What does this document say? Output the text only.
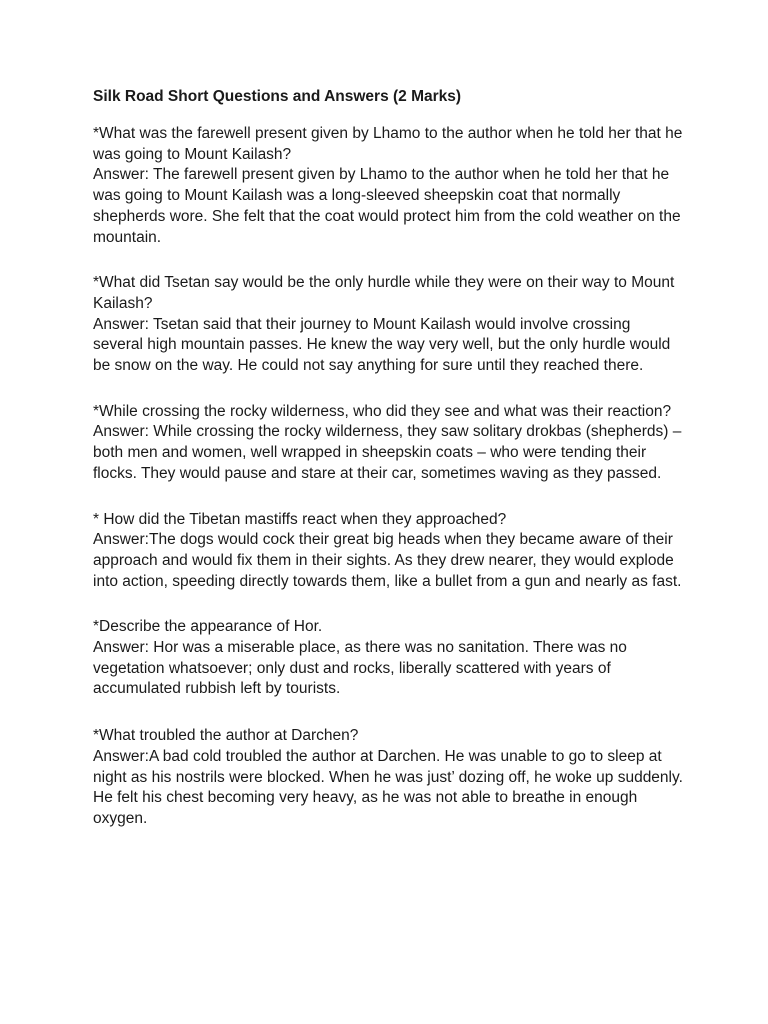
Silk Road Short Questions and Answers (2 Marks)

*What was the farewell present given by Lhamo to the author when he told her that he was going to Mount Kailash?

Answer: The farewell present given by Lhamo to the author when he told her that he was going to Mount Kailash was a long-sleeved sheepskin coat that normally shepherds wore. She felt that the coat would protect him from the cold weather on the mountain.

*What did Tsetan say would be the only hurdle while they were on their way to Mount Kailash?

Answer: Tsetan said that their journey to Mount Kailash would involve crossing several high mountain passes. He knew the way very well, but the only hurdle would be snow on the way. He could not say anything for sure until they reached there.

*While crossing the rocky wilderness, who did they see and what was their reaction?

Answer: While crossing the rocky wilderness, they saw solitary drokbas (shepherds) – both men and women, well wrapped in sheepskin coats – who were tending their flocks. They would pause and stare at their car, sometimes waving as they passed.

* How did the Tibetan mastiffs react when they approached?

Answer:The dogs would cock their great big heads when they became aware of their approach and would fix them in their sights. As they drew nearer, they would explode into action, speeding directly towards them, like a bullet from a gun and nearly as fast.

*Describe the appearance of Hor.

Answer: Hor was a miserable place, as there was no sanitation. There was no vegetation whatsoever; only dust and rocks, liberally scattered with years of accumulated rubbish left by tourists.

*What troubled the author at Darchen?

Answer:A bad cold troubled the author at Darchen. He was unable to go to sleep at night as his nostrils were blocked. When he was just’ dozing off, he woke up suddenly. He felt his chest becoming very heavy, as he was not able to breathe in enough oxygen.
